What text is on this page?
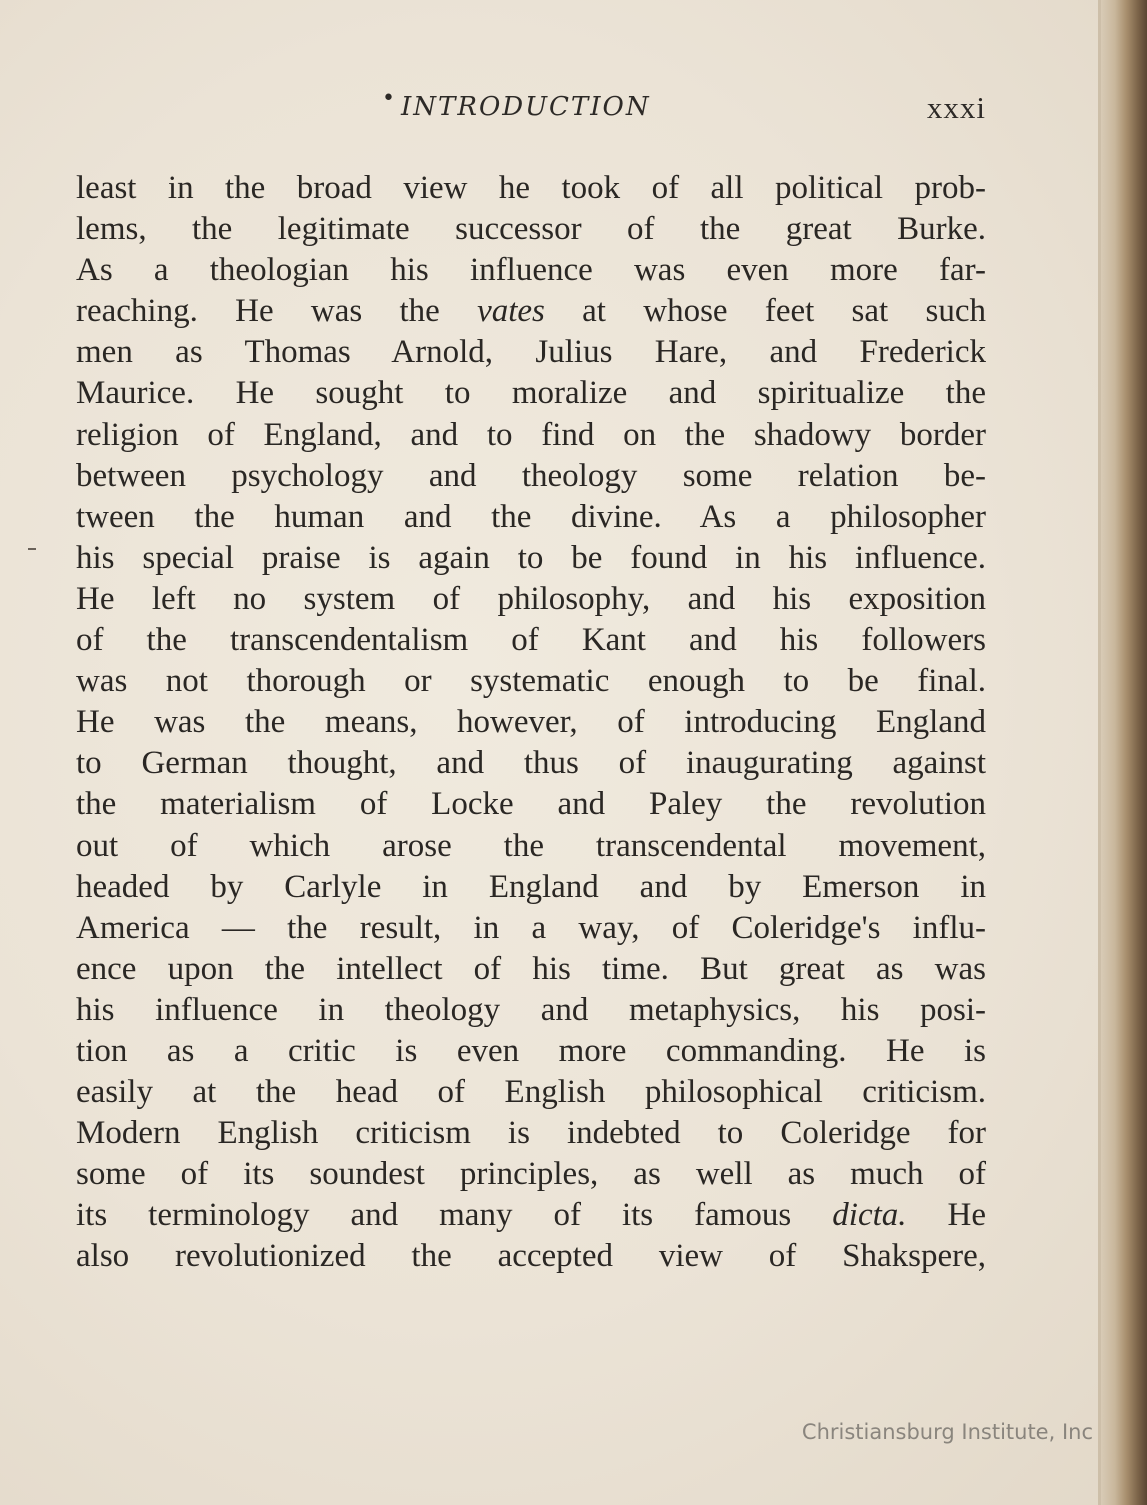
• INTRODUCTION	xxxi
least in the broad view he took of all political prob-
lems, the legitimate successor of the great Burke.
As a theologian his influence was even more far-
reaching. He was the vates at whose feet sat such
men as Thomas Arnold, Julius Hare, and Frederick
Maurice. He sought to moralize and spiritualize the
religion of England, and to find on the shadowy border
between psychology and theology some relation be-
tween the human and the divine. As a philosopher
his special praise is again to be found in his influence.
He left no system of philosophy, and his exposition
of the transcendentalism of Kant and his followers
was not thorough or systematic enough to be final.
He was the means, however, of introducing England
to German thought, and thus of inaugurating against
the materialism of Locke and Paley the revolution
out of which arose the transcendental movement,
headed by Carlyle in England and by Emerson in
America — the result, in a way, of Coleridge's influ-
ence upon the intellect of his time. But great as was
his influence in theology and metaphysics, his posi-
tion as a critic is even more commanding. He is
easily at the head of English philosophical criticism.
Modern English criticism is indebted to Coleridge for
some of its soundest principles, as well as much of
its terminology and many of its famous dicta. He
also revolutionized the accepted view of Shakspere,
Christiansburg Institute, Inc
